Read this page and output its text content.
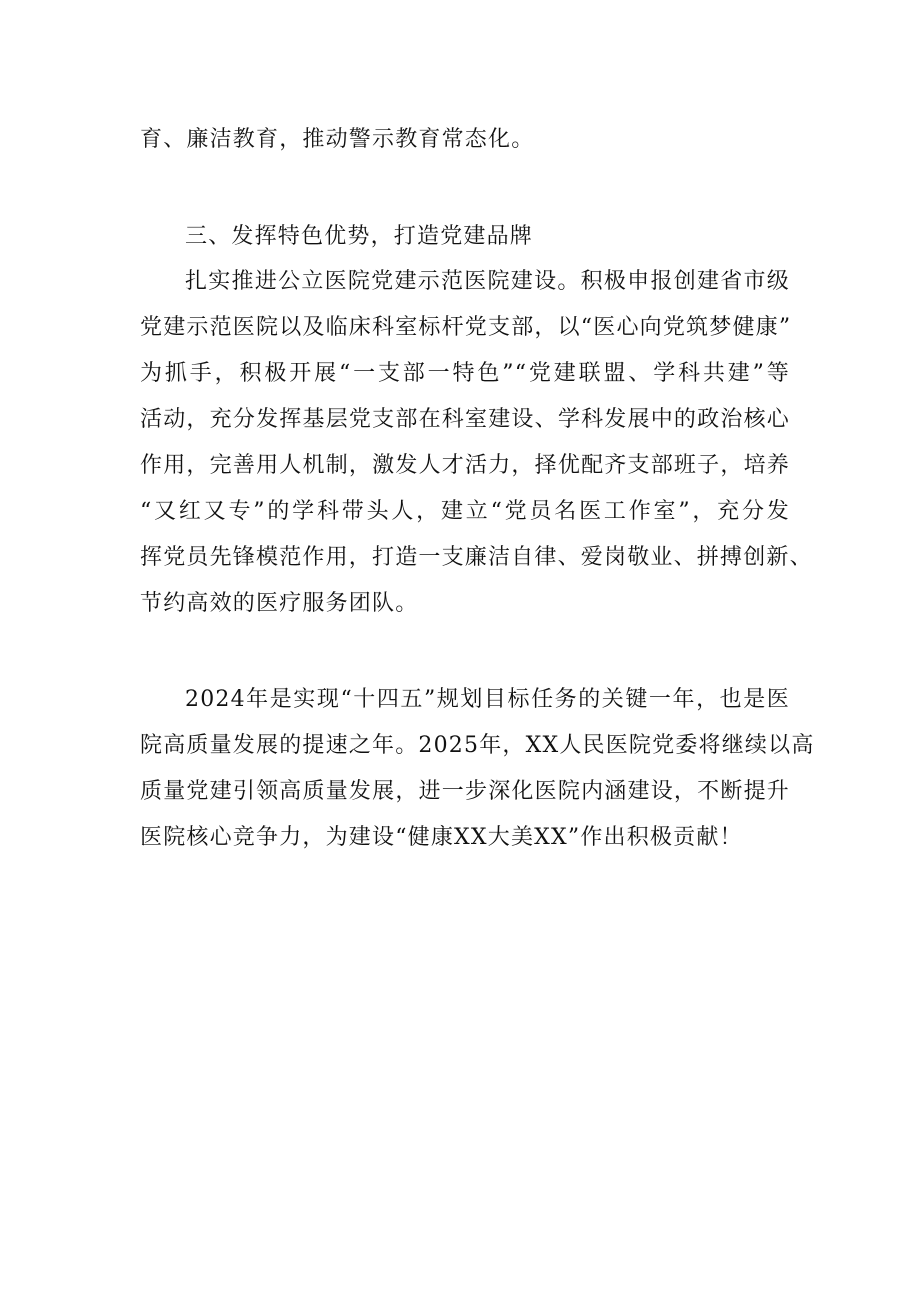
育、廉洁教育，推动警示教育常态化。
三、发挥特色优势，打造党建品牌
扎实推进公立医院党建示范医院建设。积极申报创建省市级
党建示范医院以及临床科室标杆党支部，以“医心向党筑梦健康”
为抓手，积极开展“一支部一特色”“党建联盟、学科共建”等
活动，充分发挥基层党支部在科室建设、学科发展中的政治核心
作用，完善用人机制，激发人才活力，择优配齐支部班子，培养
“又红又专”的学科带头人，建立“党员名医工作室”，充分发
挥党员先锋模范作用，打造一支廉洁自律、爱岗敬业、拼搏创新、
节约高效的医疗服务团队。
2024年是实现“十四五”规划目标任务的关键一年，也是医
院高质量发展的提速之年。2025年，XX人民医院党委将继续以高
质量党建引领高质量发展，进一步深化医院内涵建设，不断提升
医院核心竞争力，为建设“健康XX大美XX”作出积极贡献！
